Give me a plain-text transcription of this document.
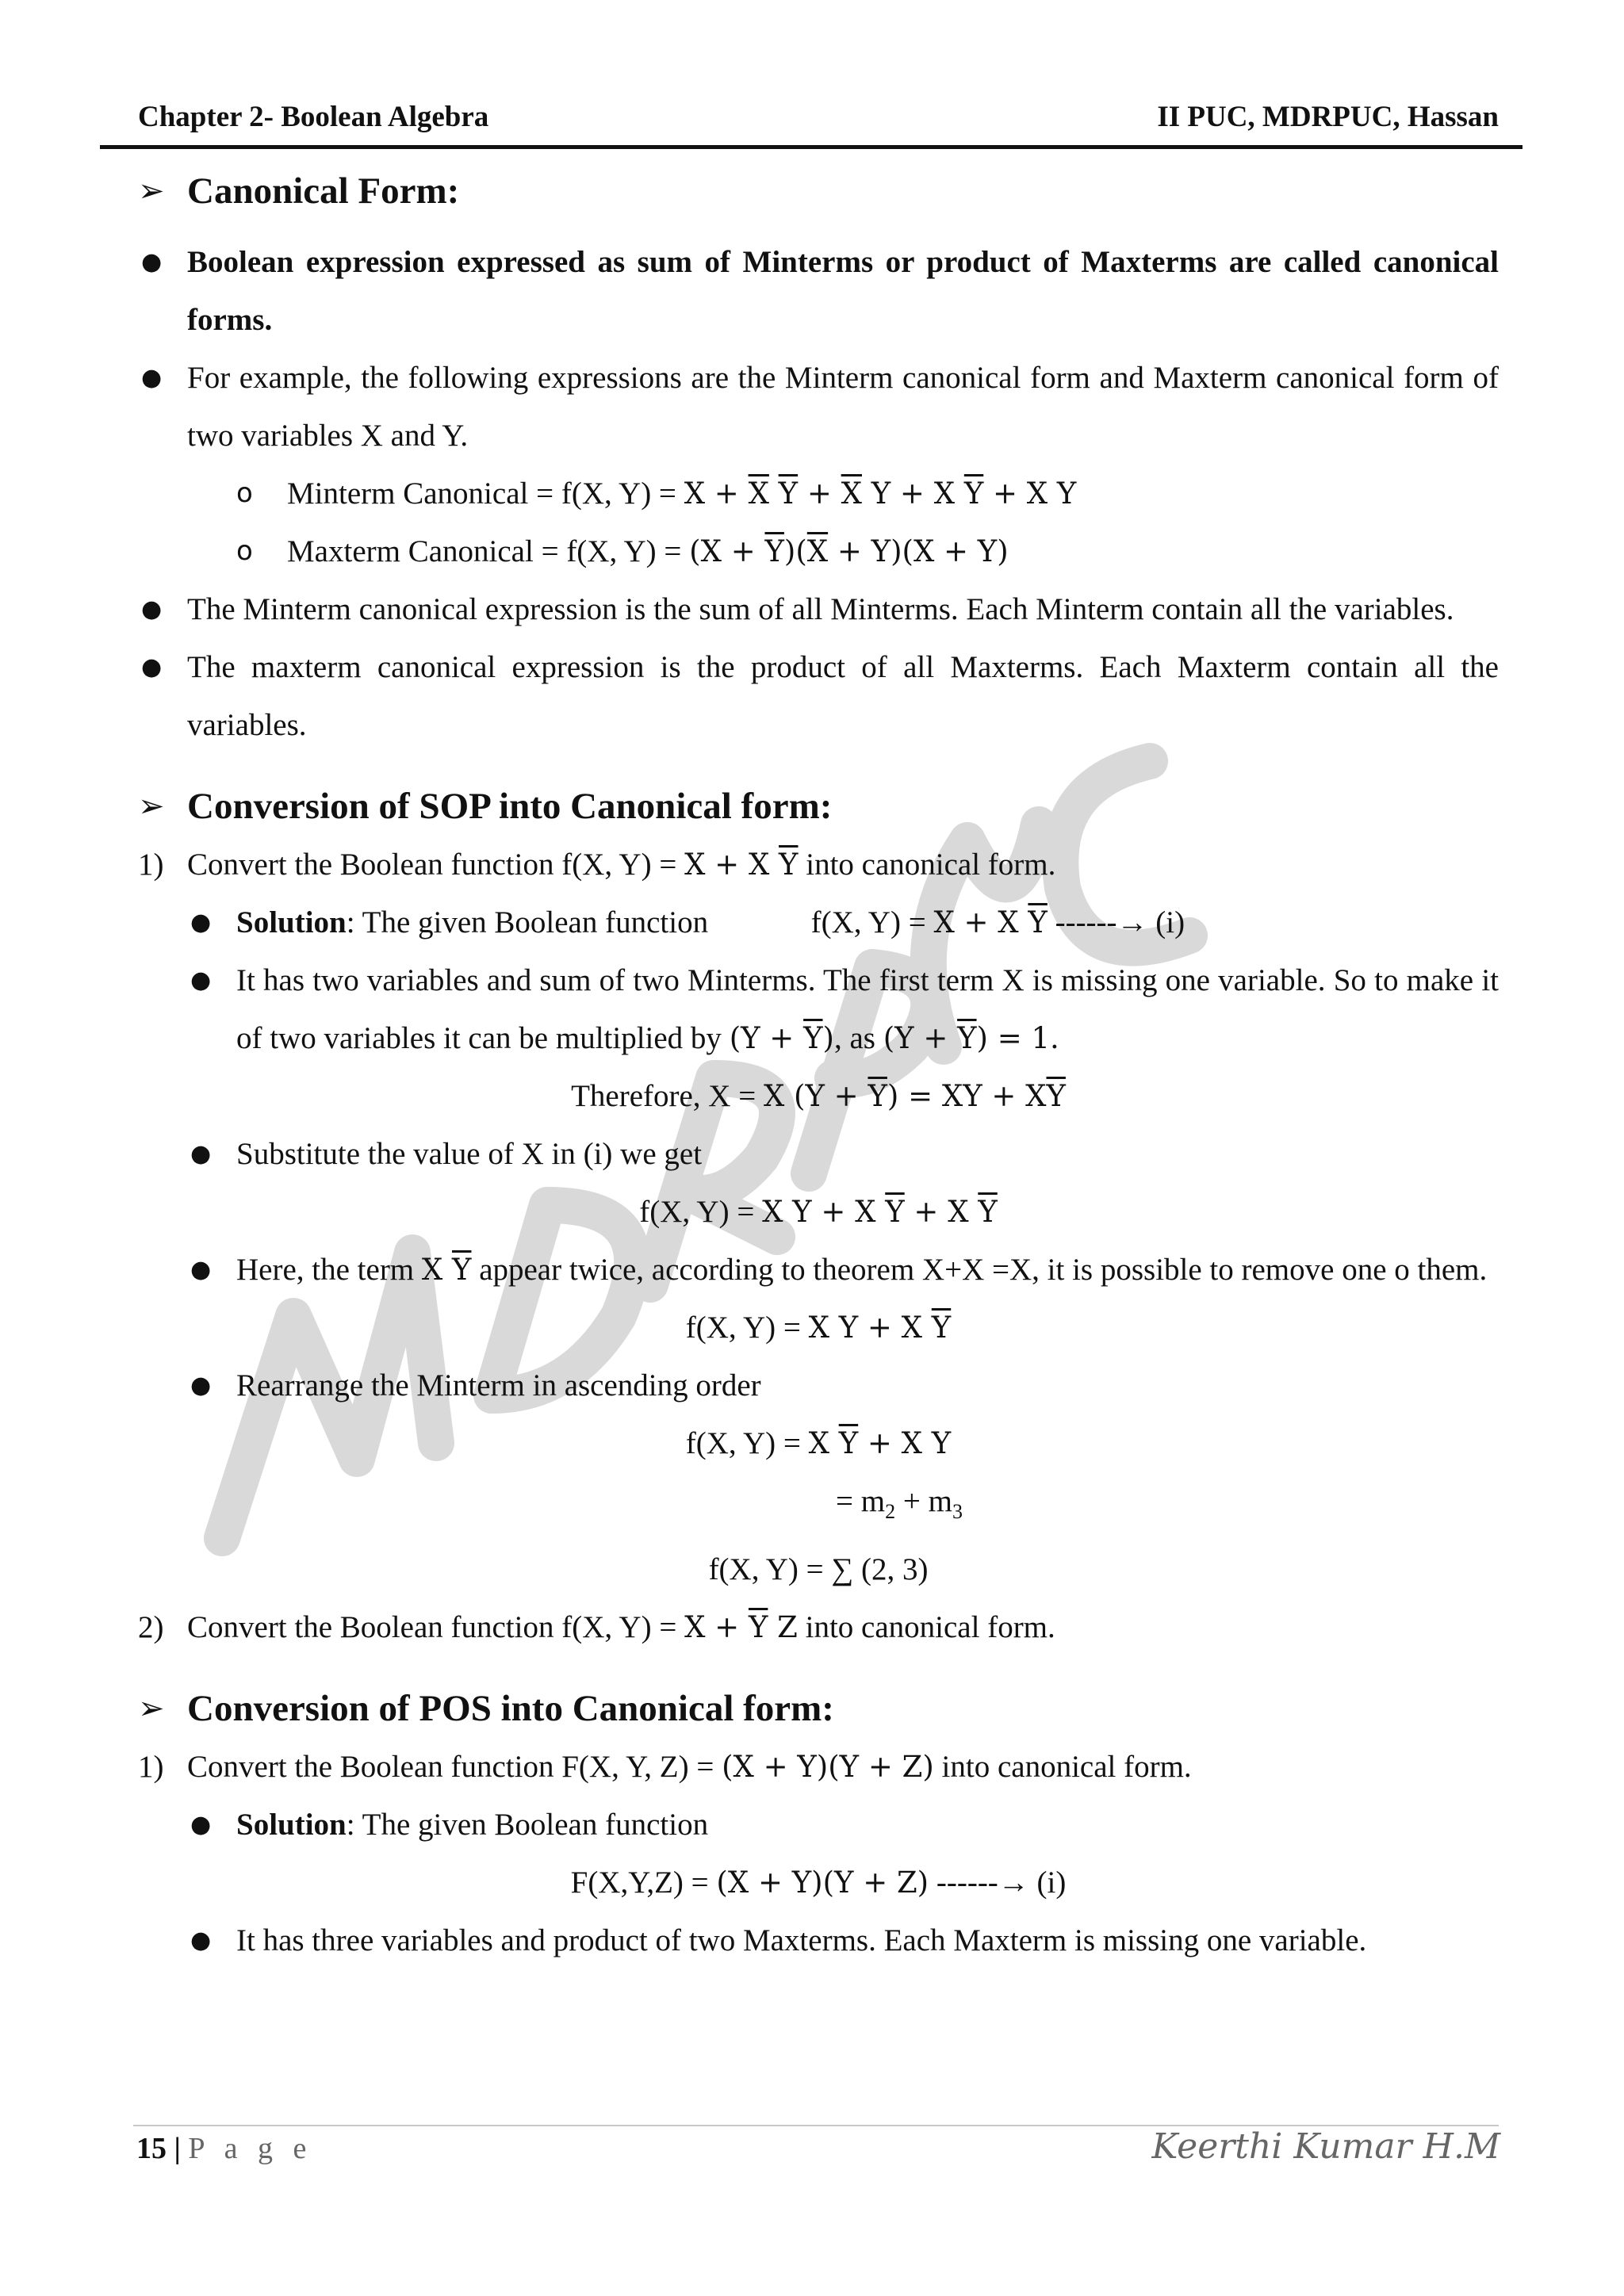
Chapter 2- Boolean Algebra	II PUC, MDRPUC, Hassan
➢ Canonical Form:
● Boolean expression expressed as sum of Minterms or product of Maxterms are called canonical forms.
● For example, the following expressions are the Minterm canonical form and Maxterm canonical form of two variables X and Y.
o Minterm Canonical = f(X, $Y) = X + \overline{X}$ $\overline{Y} + \overline{X}$ Y + X $\overline{Y} + X$ Y
o Maxterm Canonical = f(X, $Y) = (X + \overline{Y})(\overline{X} + Y)(X + Y)$
● The Minterm canonical expression is the sum of all Minterms. Each Minterm contain all the variables.
● The maxterm canonical expression is the product of all Maxterms. Each Maxterm contain all the variables.
➢ Conversion of SOP into Canonical form:
1) Convert the Boolean function f(X, Y) = X + X $\overline{Y}$ into canonical form.
● Solution: The given Boolean function	f(X, Y) = X + X $\overline{Y}$ ------→ (i)
● It has two variables and sum of two Minterms. The first term X is missing one variable. So to make it of two variables it can be multiplied by $(Y + \overline{Y})$, as $(Y + \overline{Y}) = 1$.
Therefore, X = X $(Y + \overline{Y})$ = XY + $X\overline{Y}$
● Substitute the value of X in (i) we get
f(X, Y) = X Y + X $\overline{Y} + X$ $\overline{Y}$
● Here, the term X $\overline{Y}$ appear twice, according to theorem X+X =X, it is possible to remove one o them.
f(X, Y) = X Y + X $\overline{Y}$
● Rearrange the Minterm in ascending order
f(X, Y) = X $\overline{Y} + X$ Y
= $m_2 + m_3$
f(X, Y) = ∑ (2, 3)
2) Convert the Boolean function f(X, $Y) = X + \overline{Y}$ Z into canonical form.
➢ Conversion of POS into Canonical form:
1) Convert the Boolean function F(X, Y, Z) = (X + Y)(Y + Z) into canonical form.
● Solution: The given Boolean function
F(X,Y,Z) = (X + Y)(Y + Z) ------→ (i)
● It has three variables and product of two Maxterms. Each Maxterm is missing one variable.
15 | P a g e	Keerthi Kumar H.M
